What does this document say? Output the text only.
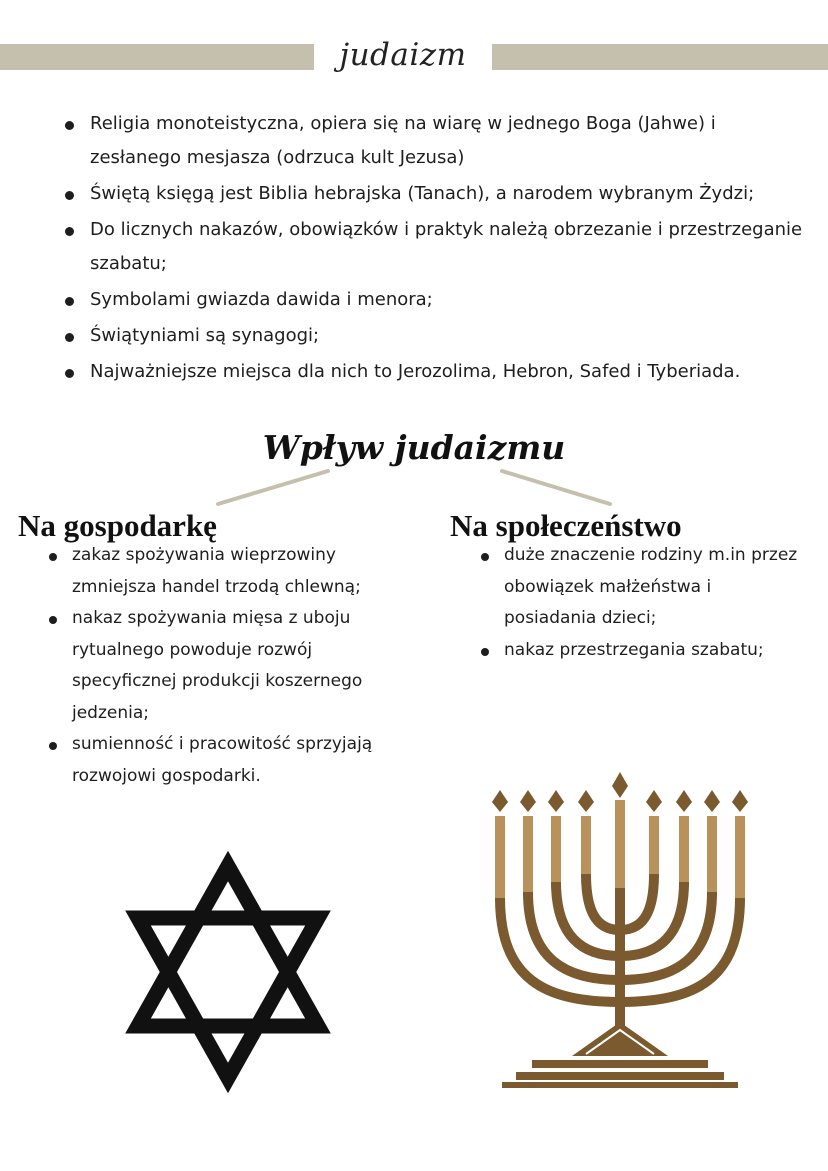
judaizm
Religia monoteistyczna, opiera się na wiarę w jednego Boga (Jahwe) i zesłanego mesjasza (odrzuca kult Jezusa)
Świętą księgą jest Biblia hebrajska (Tanach), a narodem wybranym Żydzi;
Do licznych nakazów, obowiązków i praktyk należą obrzezanie i przestrzeganie szabatu;
Symbolami gwiazda dawida i menora;
Świątyniami są synagogi;
Najważniejsze miejsca dla nich to Jerozolima, Hebron, Safed i Tyberiada.
Wpływ judaizmu
Na gospodarkę	Na społeczeństwo
zakaz spożywania wieprzowiny zmniejsza handel trzodą chlewną;
nakaz spożywania mięsa z uboju rytualnego powoduje rozwój specyficznej produkcji koszernego jedzenia;
sumienność i pracowitość sprzyjają rozwojowi gospodarki.
duże znaczenie rodziny m.in przez obowiązek małżeństwa i posiadania dzieci;
nakaz przestrzegania szabatu;
